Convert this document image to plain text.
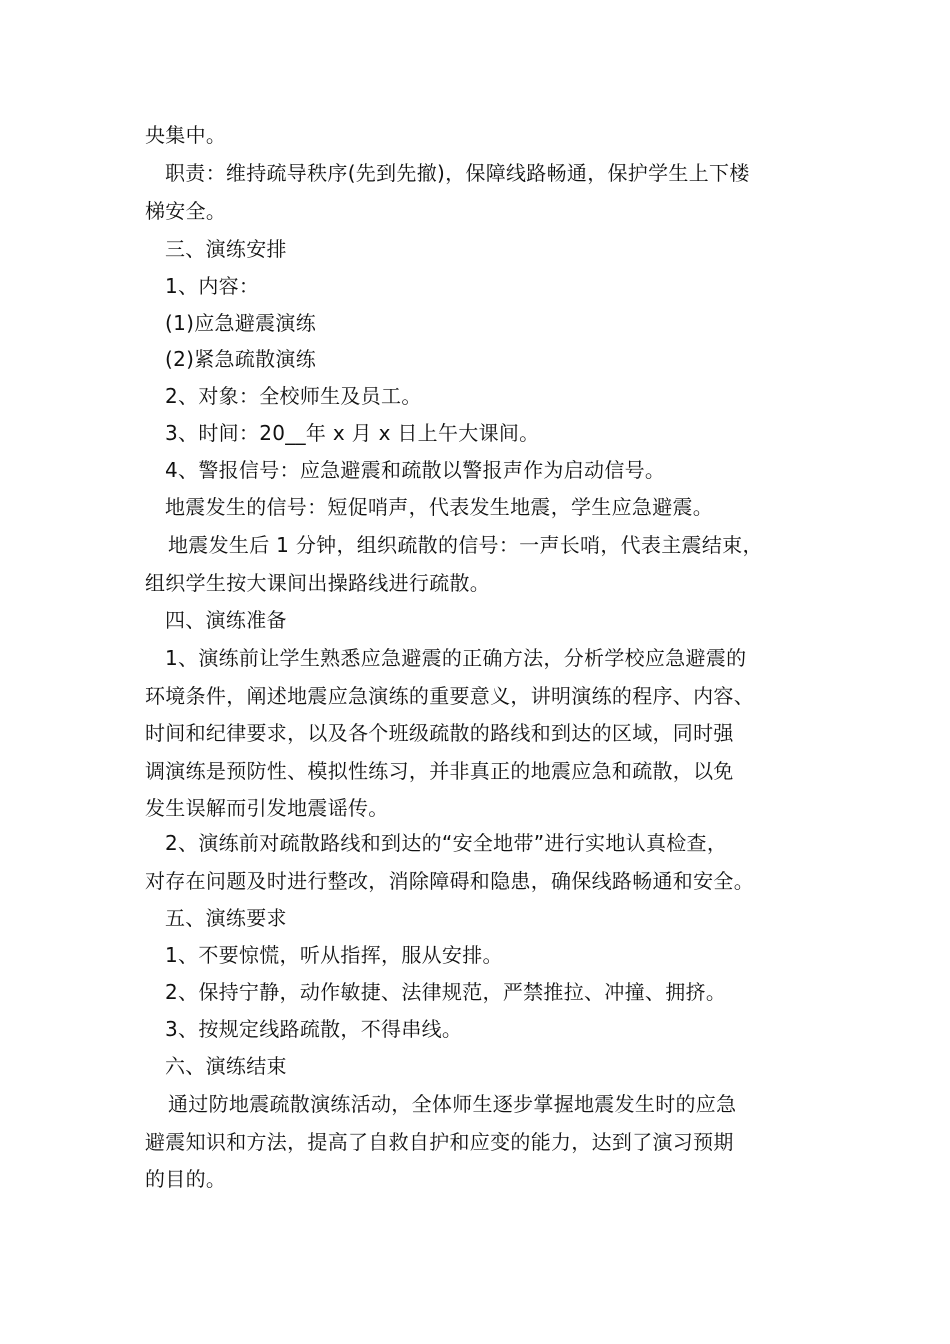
央集中。
职责：维持疏导秩序(先到先撤)，保障线路畅通，保护学生上下楼
梯安全。
三、演练安排
1、内容：
(1)应急避震演练
(2)紧急疏散演练
2、对象：全校师生及员工。
3、时间：20__年 x 月 x 日上午大课间。
4、警报信号：应急避震和疏散以警报声作为启动信号。
地震发生的信号：短促哨声，代表发生地震，学生应急避震。
地震发生后 1 分钟，组织疏散的信号：一声长哨，代表主震结束，
组织学生按大课间出操路线进行疏散。
四、演练准备
1、演练前让学生熟悉应急避震的正确方法，分析学校应急避震的
环境条件，阐述地震应急演练的重要意义，讲明演练的程序、内容、
时间和纪律要求，以及各个班级疏散的路线和到达的区域，同时强
调演练是预防性、模拟性练习，并非真正的地震应急和疏散，以免
发生误解而引发地震谣传。
2、演练前对疏散路线和到达的“安全地带”进行实地认真检查，
对存在问题及时进行整改，消除障碍和隐患，确保线路畅通和安全。
五、演练要求
1、不要惊慌，听从指挥，服从安排。
2、保持宁静，动作敏捷、法律规范，严禁推拉、冲撞、拥挤。
3、按规定线路疏散，不得串线。
六、演练结束
通过防地震疏散演练活动，全体师生逐步掌握地震发生时的应急
避震知识和方法，提高了自救自护和应变的能力，达到了演习预期
的目的。
